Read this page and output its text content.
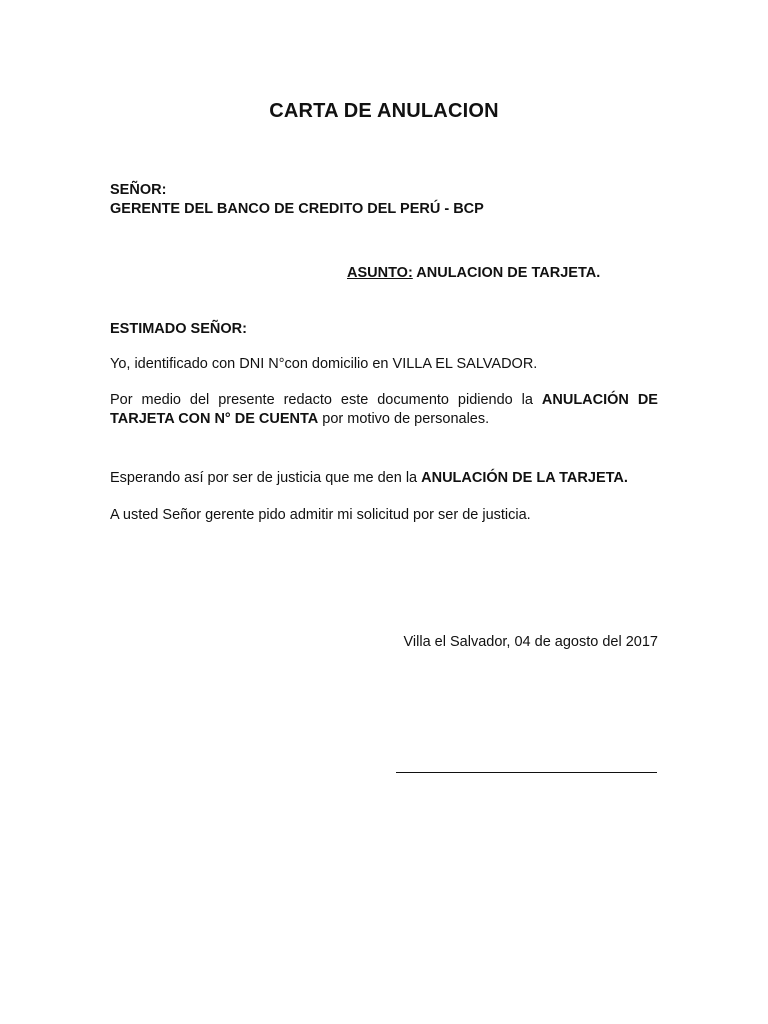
CARTA DE ANULACION
SEÑOR:
GERENTE DEL BANCO DE CREDITO DEL PERÚ - BCP
ASUNTO: ANULACION DE TARJETA.
ESTIMADO SEÑOR:
Yo, identificado con DNI N°con domicilio en VILLA EL SALVADOR.
Por medio del presente redacto este documento pidiendo la ANULACIÓN DE TARJETA CON N° DE CUENTA por motivo de personales.
Esperando así por ser de justicia que me den la ANULACIÓN DE LA TARJETA.
A usted Señor gerente pido admitir mi solicitud por ser de justicia.
Villa el Salvador, 04 de agosto del 2017
